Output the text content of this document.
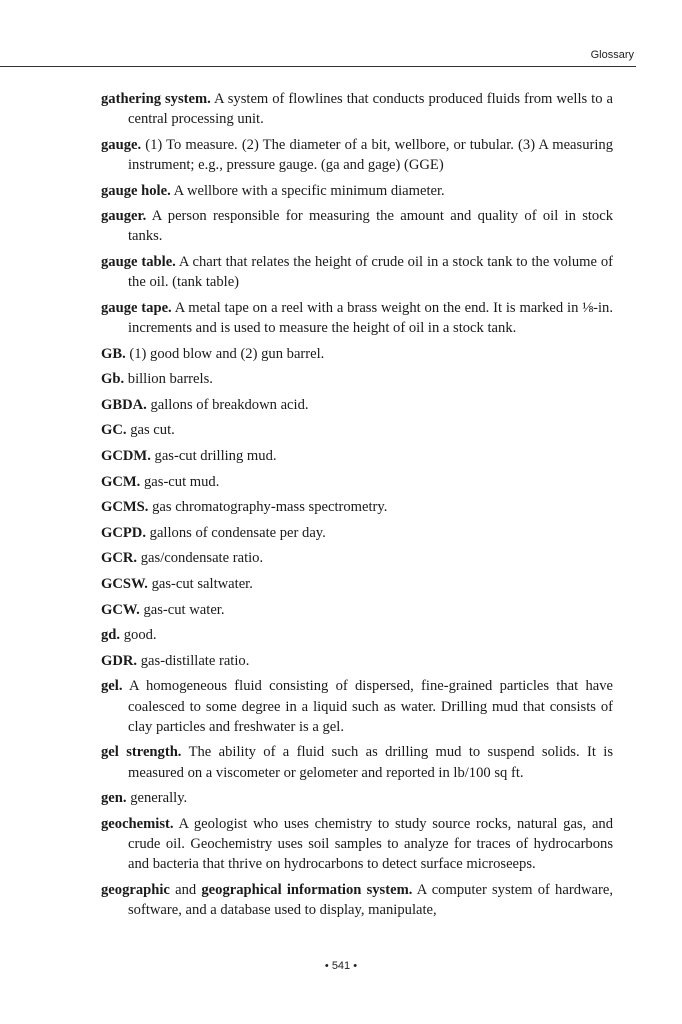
Glossary

gathering system. A system of flowlines that conducts produced fluids from wells to a central processing unit.

gauge. (1) To measure. (2) The diameter of a bit, wellbore, or tubular. (3) A measuring instrument; e.g., pressure gauge. (ga and gage) (GGE)

gauge hole. A wellbore with a specific minimum diameter.

gauger. A person responsible for measuring the amount and quality of oil in stock tanks.

gauge table. A chart that relates the height of crude oil in a stock tank to the volume of the oil. (tank table)

gauge tape. A metal tape on a reel with a brass weight on the end. It is marked in ⅛-in. increments and is used to measure the height of oil in a stock tank.

GB. (1) good blow and (2) gun barrel.

Gb. billion barrels.

GBDA. gallons of breakdown acid.

GC. gas cut.

GCDM. gas-cut drilling mud.

GCM. gas-cut mud.

GCMS. gas chromatography-mass spectrometry.

GCPD. gallons of condensate per day.

GCR. gas/condensate ratio.

GCSW. gas-cut saltwater.

GCW. gas-cut water.

gd. good.

GDR. gas-distillate ratio.

gel. A homogeneous fluid consisting of dispersed, fine-grained particles that have coalesced to some degree in a liquid such as water. Drilling mud that consists of clay particles and freshwater is a gel.

gel strength. The ability of a fluid such as drilling mud to suspend solids. It is measured on a viscometer or gelometer and reported in lb/100 sq ft.

gen. generally.

geochemist. A geologist who uses chemistry to study source rocks, natural gas, and crude oil. Geochemistry uses soil samples to analyze for traces of hydrocarbons and bacteria that thrive on hydrocarbons to detect surface microseeps.

geographic and geographical information system. A computer system of hardware, software, and a database used to display, manipulate,

• 541 •
